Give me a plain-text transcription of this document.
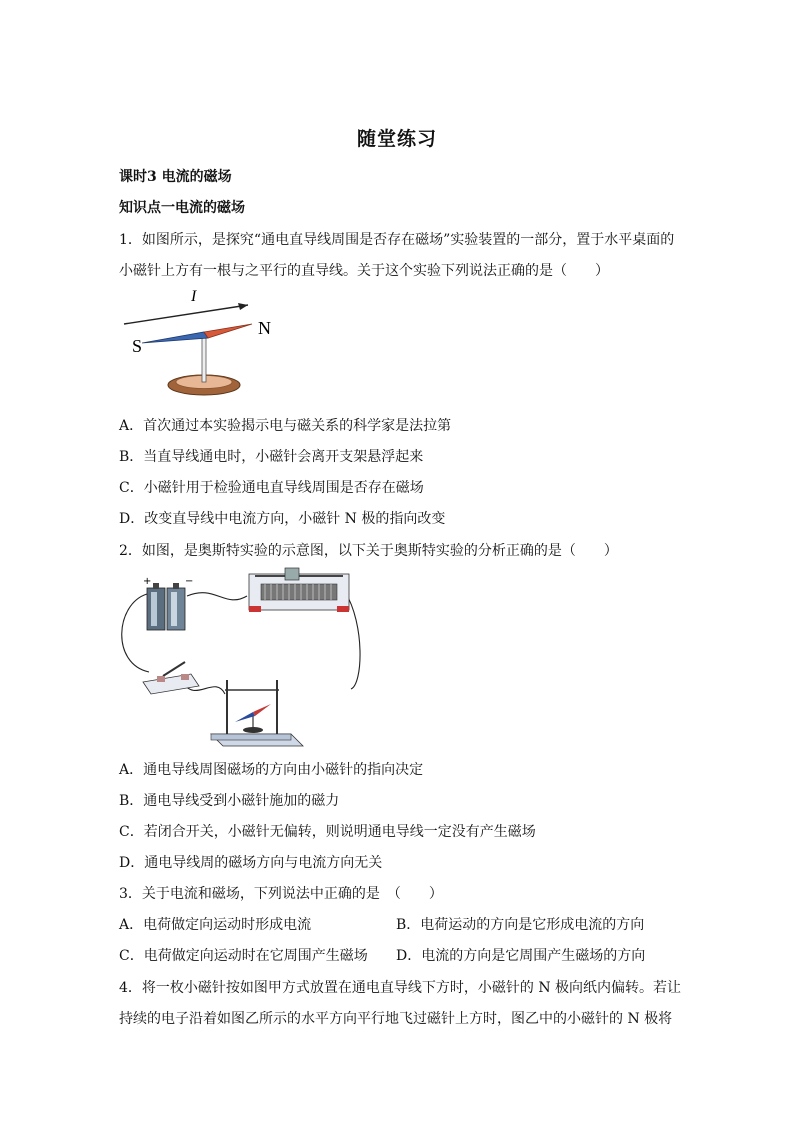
随堂练习
课时3 电流的磁场
知识点一电流的磁场
1．如图所示，是探究“通电直导线周围是否存在磁场”实验装置的一部分，置于水平桌面的
小磁针上方有一根与之平行的直导线。关于这个实验下列说法正确的是（　　）
I
S
N
A．首次通过本实验揭示电与磁关系的科学家是法拉第
B．当直导线通电时，小磁针会离开支架悬浮起来
C．小磁针用于检验通电直导线周围是否存在磁场
D．改变直导线中电流方向，小磁针 N 极的指向改变
2．如图，是奥斯特实验的示意图，以下关于奥斯特实验的分析正确的是（　　）
+	−
A．通电导线周图磁场的方向由小磁针的指向决定
B．通电导线受到小磁针施加的磁力
C．若闭合开关，小磁针无偏转，则说明通电导线一定没有产生磁场
D．通电导线周的磁场方向与电流方向无关
3．关于电流和磁场，下列说法中正确的是　（　　）
A．电荷做定向运动时形成电流	B．电荷运动的方向是它形成电流的方向
C．电荷做定向运动时在它周围产生磁场 D．电流的方向是它周围产生磁场的方向
4．将一枚小磁针按如图甲方式放置在通电直导线下方时，小磁针的 N 极向纸内偏转。若让
持续的电子沿着如图乙所示的水平方向平行地飞过磁针上方时，图乙中的小磁针的 N 极将
